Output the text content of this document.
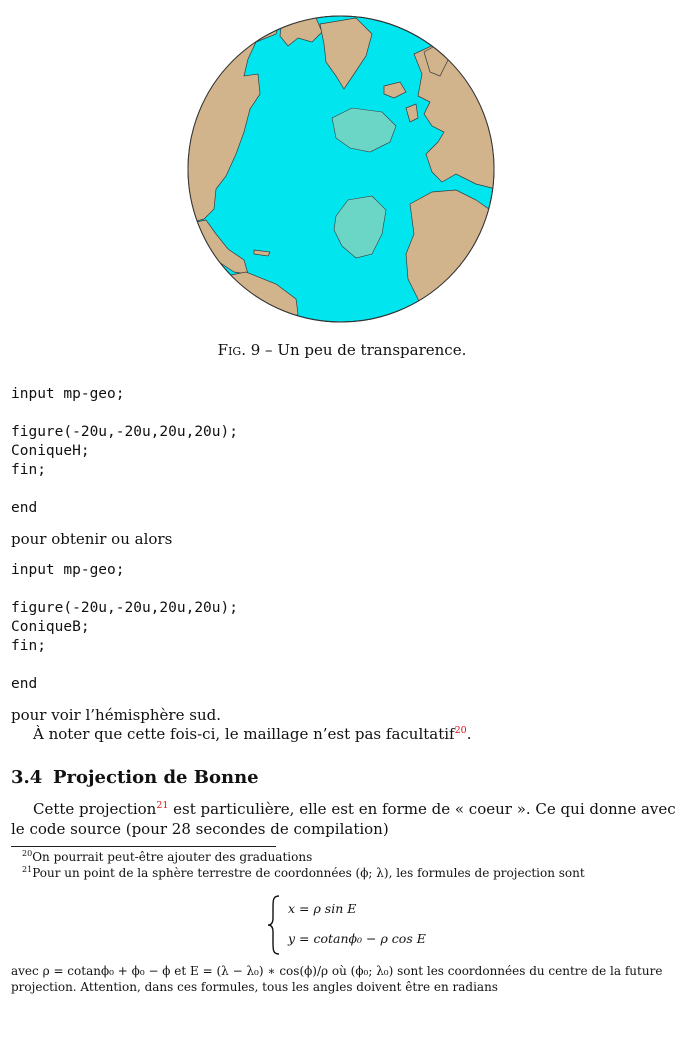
Fig. 9 – Un peu de transparence.
input mp-geo;

figure(-20u,-20u,20u,20u);
ConiqueH;
fin;

end
pour obtenir ou alors
input mp-geo;

figure(-20u,-20u,20u,20u);
ConiqueB;
fin;

end
pour voir l’hémisphère sud.
À noter que cette fois-ci, le maillage n’est pas facultatif$^{20}$.
3.4 Projection de Bonne
Cette projection$^{21}$ est particulière, elle est en forme de « coeur ». Ce qui donne avec le code source (pour 28 secondes de compilation)
$^{20}$On pourrait peut-être ajouter des graduations
$^{21}$Pour un point de la sphère terrestre de coordonnées (ϕ; λ), les formules de projection sont
x = ρ sin E
y = cotanϕ₀ − ρ cos E
avec ρ = cotanϕ₀ + ϕ₀ − ϕ et E = (λ − λ₀) ∗ cos(ϕ)/ρ où (ϕ₀; λ₀) sont les coordonnées du centre de la future projection. Attention, dans ces formules, tous les angles doivent être en radians
